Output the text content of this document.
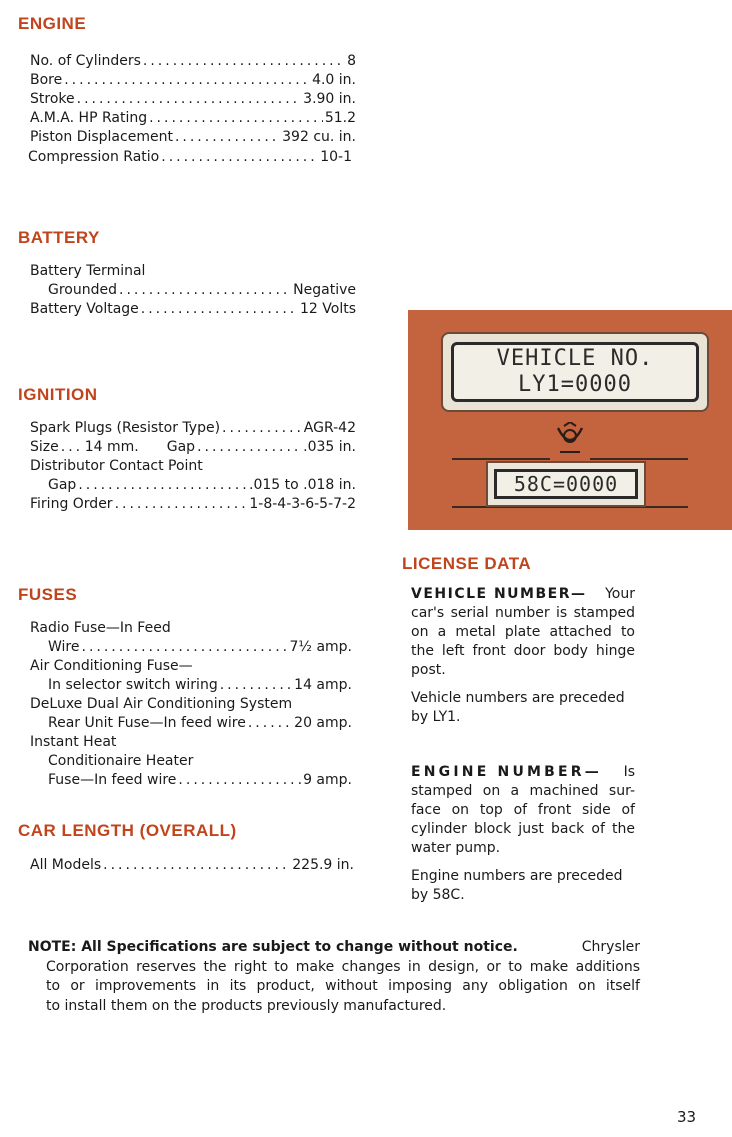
ENGINE
No. of Cylinders .....	8
Bore .....	4.0 in.
Stroke .....	3.90 in.
A.M.A. HP Rating .....	51.2
Piston Displacement .....	392 cu. in.
Compression Ratio .....	10-1
BATTERY
Battery Terminal
Grounded .....	Negative
Battery Voltage .....	12 Volts
IGNITION
Spark Plugs (Resistor Type) .....	AGR-42
Size ..... 14 mm. Gap .....	.035 in.
Distributor Contact Point
Gap .....	.015 to .018 in.
Firing Order .....	1-8-4-3-6-5-7-2
FUSES
Radio Fuse—In Feed
Wire .....	7½ amp.
Air Conditioning Fuse—
In selector switch wiring .....	14 amp.
DeLuxe Dual Air Conditioning System
Rear Unit Fuse—In feed wire .....	20 amp.
Instant Heat
Conditionaire Heater
Fuse—In feed wire .....	9 amp.
CAR LENGTH (OVERALL)
All Models .....	225.9 in.
VEHICLE NO.
LY1=0000
58C=0000
LICENSE DATA
VEHICLE NUMBER— Your
car's serial number is stamped
on a metal plate attached to
the left front door body hinge
post.
Vehicle numbers are preceded
by LY1.
ENGINE NUMBER— Is
stamped on a machined sur-
face on top of front side of
cylinder block just back of the
water pump.
Engine numbers are preceded
by 58C.
NOTE: All Specifications are subject to change without notice.	Chrysler
Corporation reserves the right to make changes in design, or to make additions
to or improvements in its product, without imposing any obligation on itself
to install them on the products previously manufactured.
33
